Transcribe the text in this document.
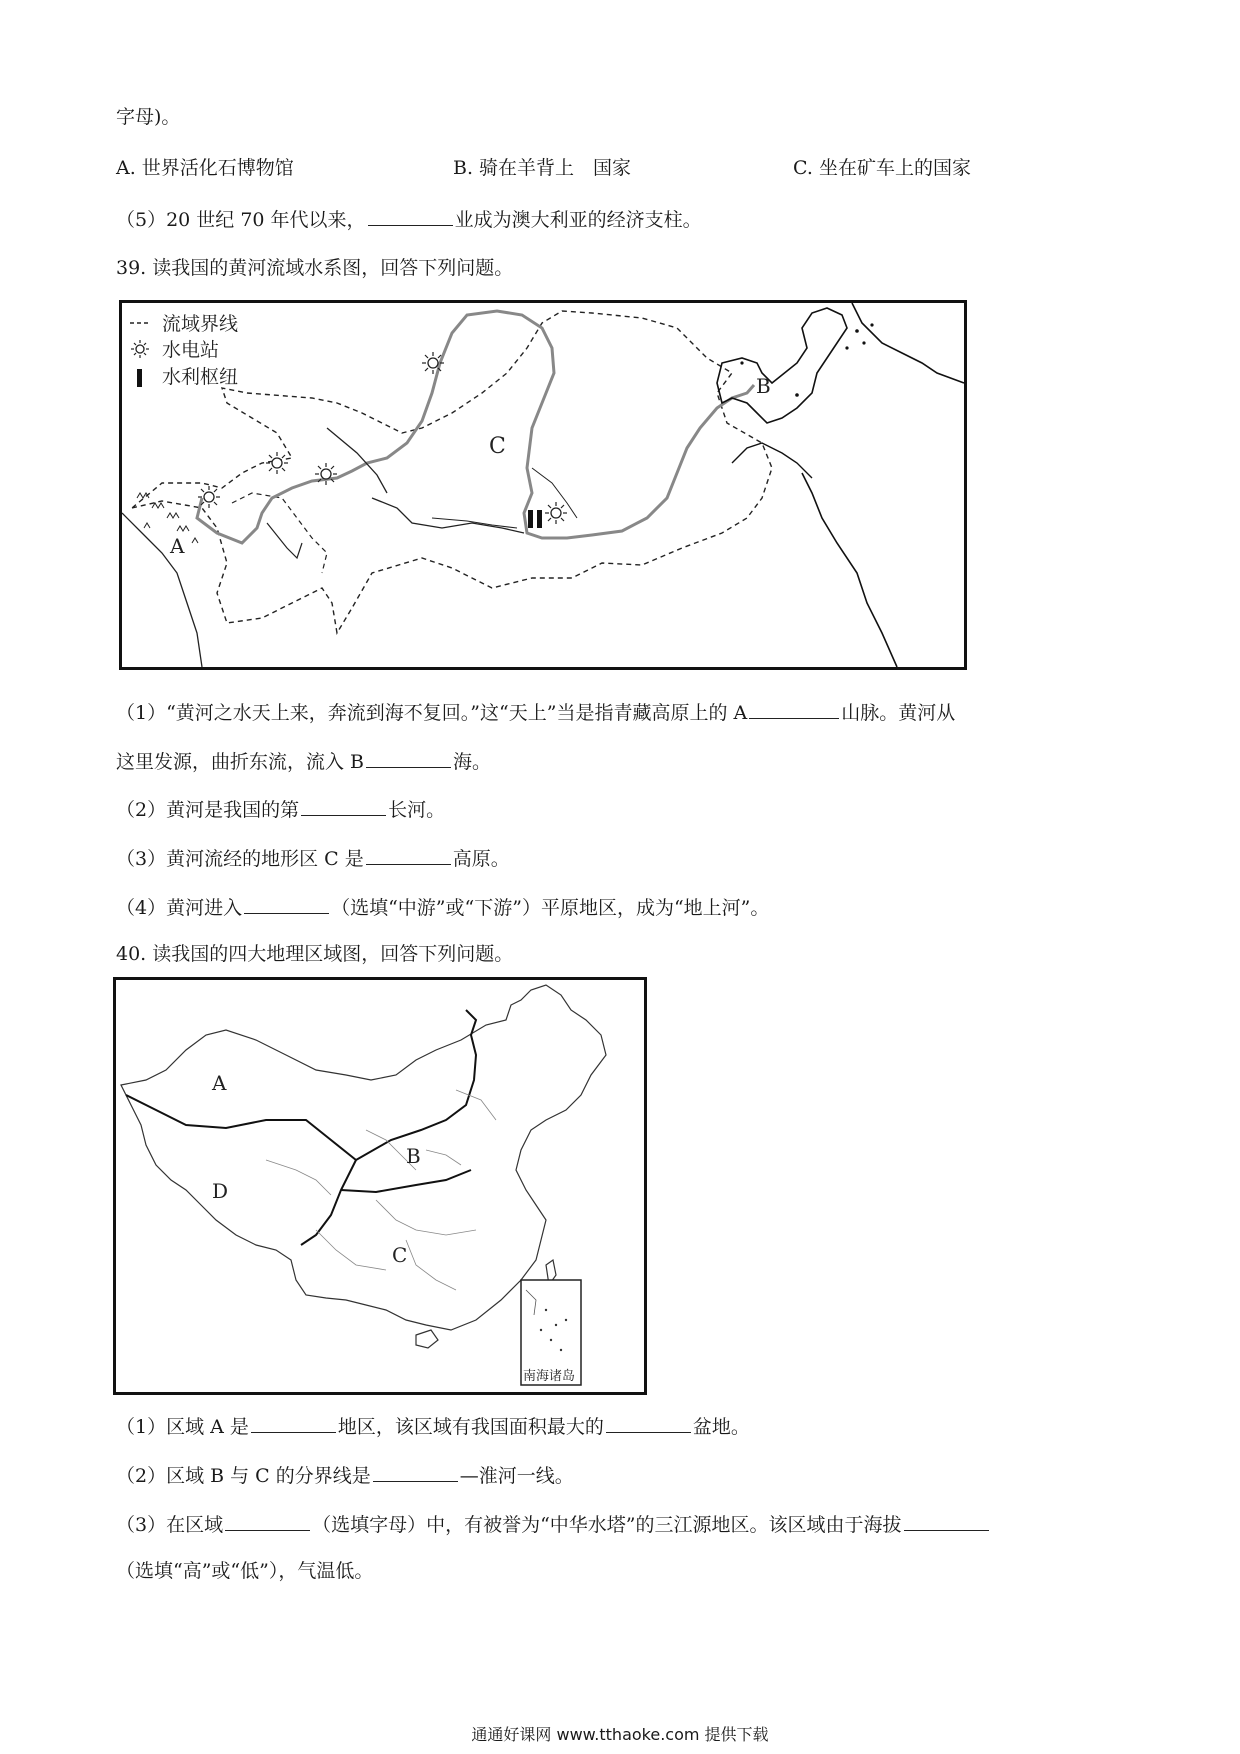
字母)。
A. 世界活化石博物馆	B. 骑在羊背上　国家	C. 坐在矿车上的国家
（5）20 世纪 70 年代以来，	业成为澳大利亚的经济支柱。
39. 读我国的黄河流域水系图，回答下列问题。
流域界线
水电站
水利枢纽
A
B
C
（1）“黄河之水天上来，奔流到海不复回。”这“天上”当是指青藏高原上的 A	山脉。黄河从
这里发源，曲折东流，流入 B	海。
（2）黄河是我国的第	长河。
（3）黄河流经的地形区 C 是	高原。
（4）黄河进入	（选填“中游”或“下游”）平原地区，成为“地上河”。
40. 读我国的四大地理区域图，回答下列问题。
南海诸岛
A
B
C
D
（1）区域 A 是	地区，该区域有我国面积最大的	盆地。
（2）区域 B 与 C 的分界线是	—淮河一线。
（3）在区域	（选填字母）中，有被誉为“中华水塔”的三江源地区。该区域由于海拔
（选填“高”或“低”），气温低。
通通好课网 www.tthaoke.com 提供下载
